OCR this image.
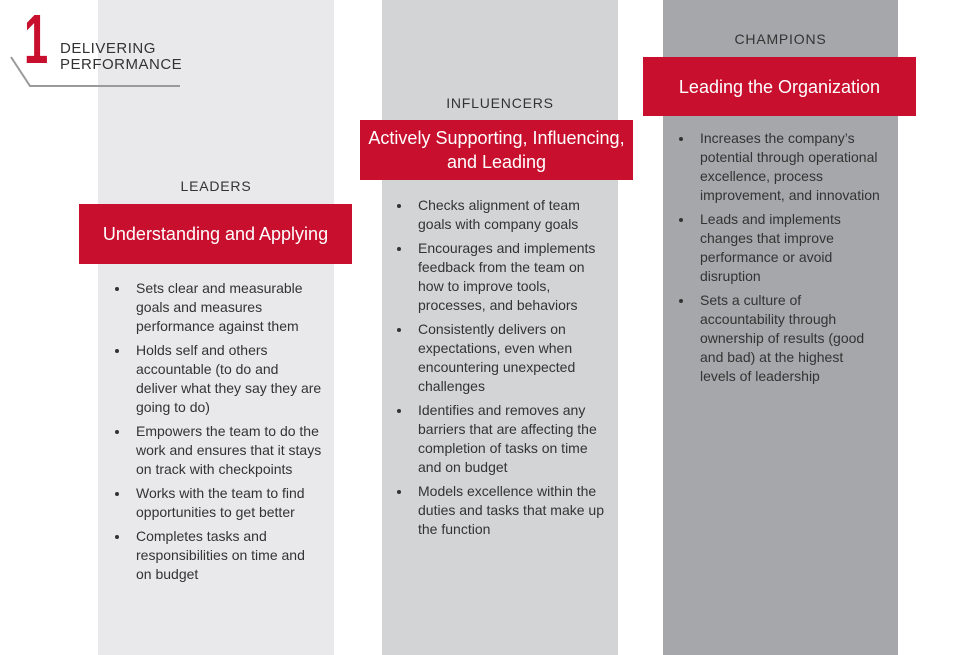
1 DELIVERING
PERFORMANCE
LEADERS
Understanding and Applying
Sets clear and measurable goals and measures performance against them
Holds self and others accountable (to do and deliver what they say they are going to do)
Empowers the team to do the work and ensures that it stays on track with checkpoints
Works with the team to find opportunities to get better
Completes tasks and responsibilities on time and on budget
INFLUENCERS
Actively Supporting, Influencing, and Leading
Checks alignment of team goals with company goals
Encourages and implements feedback from the team on how to improve tools, processes, and behaviors
Consistently delivers on expectations, even when encountering unexpected challenges
Identifies and removes any barriers that are affecting the completion of tasks on time and on budget
Models excellence within the duties and tasks that make up the function
CHAMPIONS
Leading the Organization
Increases the company’s potential through operational excellence, process improvement, and innovation
Leads and implements changes that improve performance or avoid disruption
Sets a culture of accountability through ownership of results (good and bad) at the highest levels of leadership
